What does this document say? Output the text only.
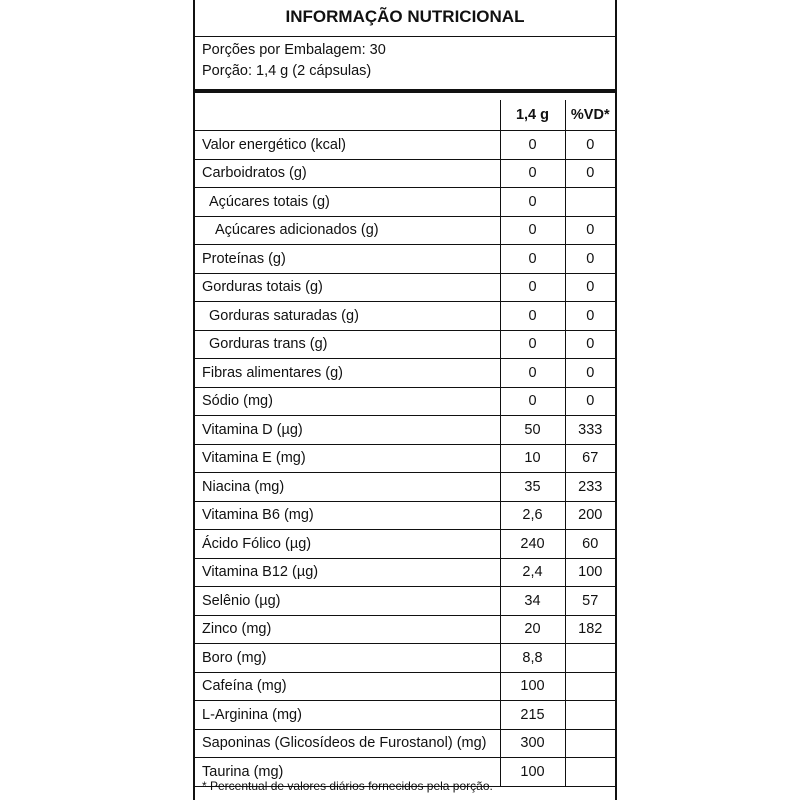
INFORMAÇÃO NUTRICIONAL
Porções por Embalagem: 30
Porção: 1,4 g (2 cápsulas)
	1,4 g	%VD*
Valor energético (kcal)	0	0
Carboidratos (g)	0	0
Açúcares totais (g)	0	
Açúcares adicionados (g)	0	0
Proteínas (g)	0	0
Gorduras totais (g)	0	0
Gorduras saturadas (g)	0	0
Gorduras trans (g)	0	0
Fibras alimentares (g)	0	0
Sódio (mg)	0	0
Vitamina D (µg)	50	333
Vitamina E (mg)	10	67
Niacina (mg)	35	233
Vitamina B6 (mg)	2,6	200
Ácido Fólico (µg)	240	60
Vitamina B12 (µg)	2,4	100
Selênio (µg)	34	57
Zinco (mg)	20	182
Boro (mg)	8,8	
Cafeína (mg)	100	
L-Arginina (mg)	215	
Saponinas (Glicosídeos de Furostanol) (mg)	300	
Taurina (mg)	100	
* Percentual de valores diários fornecidos pela porção.
